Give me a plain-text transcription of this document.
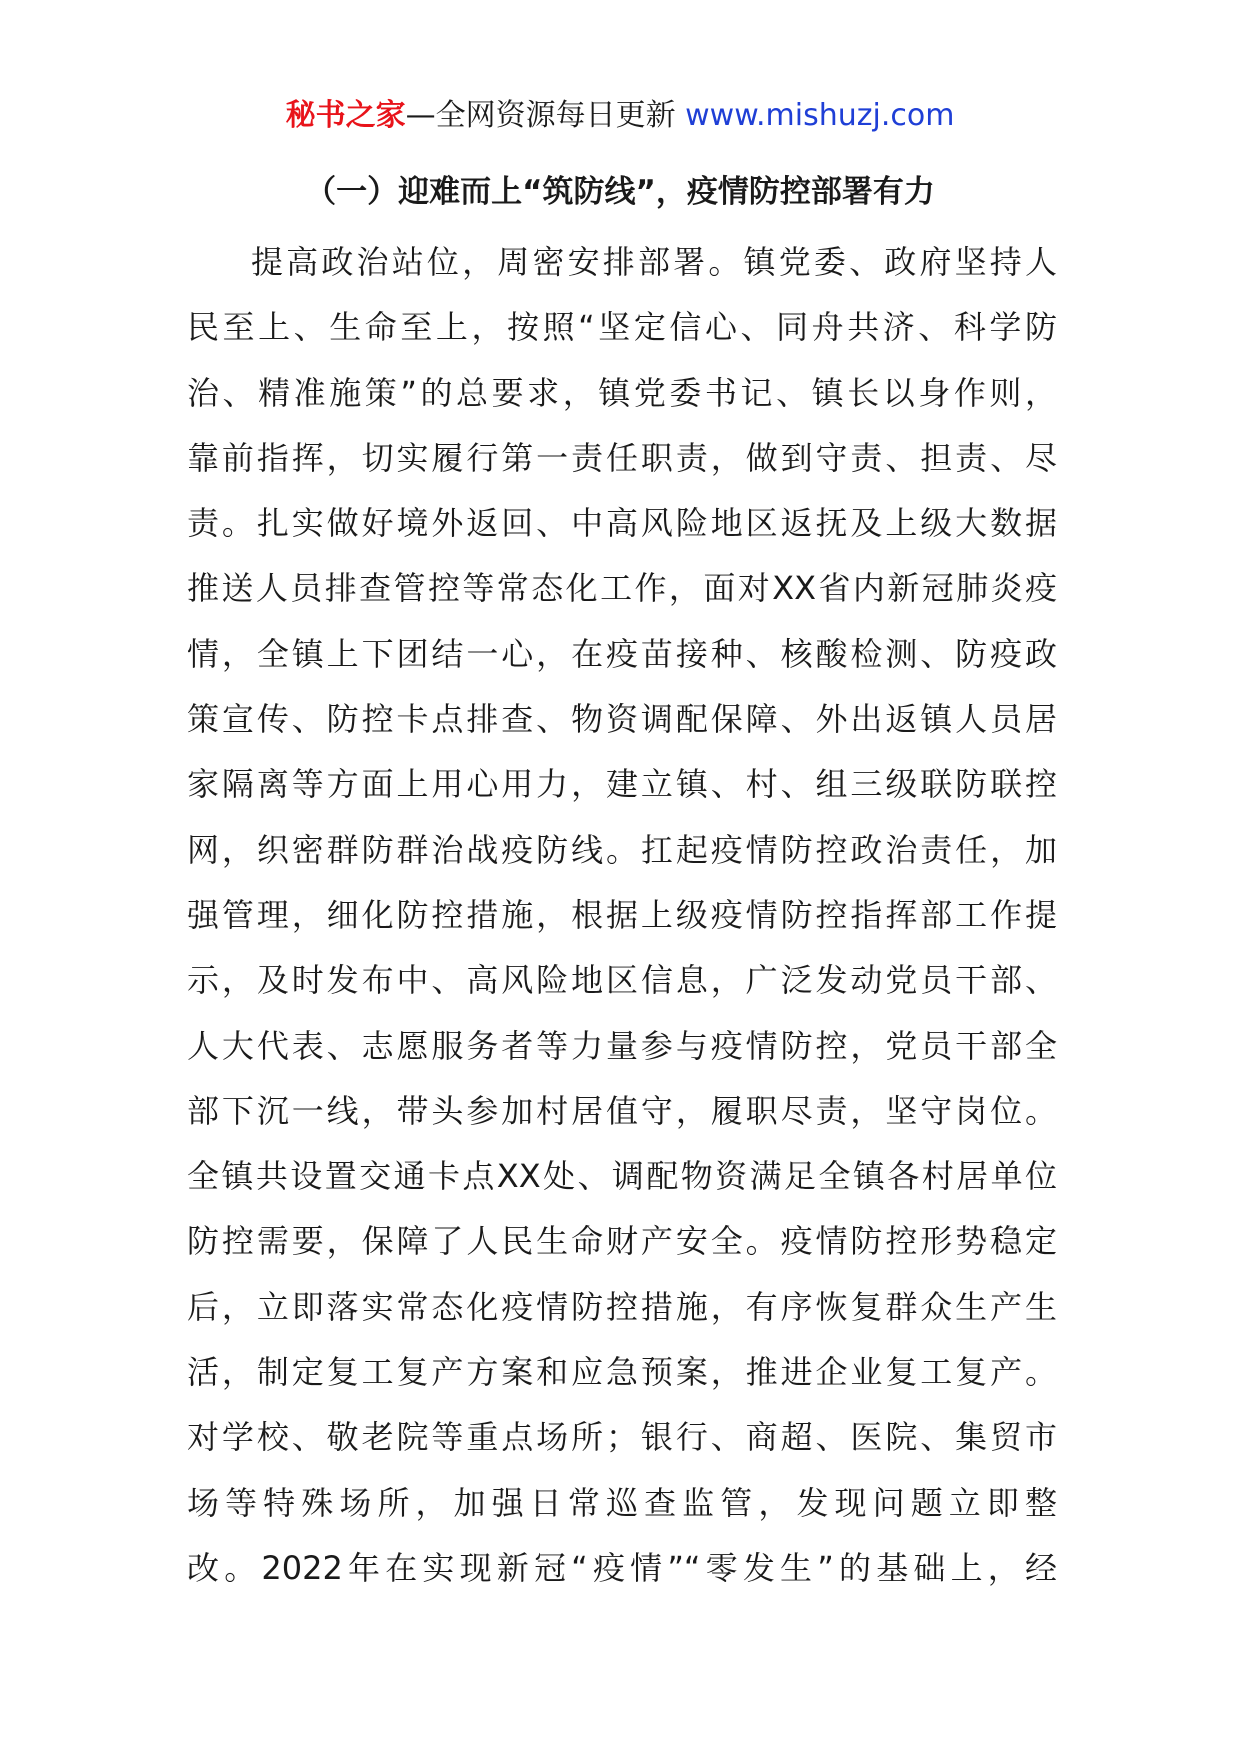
秘书之家—全网资源每日更新 www.mishuzj.com
（一）迎难而上“筑防线”，疫情防控部署有力
提高政治站位，周密安排部署。镇党委、政府坚持人
民至上、生命至上，按照“坚定信心、同舟共济、科学防
治、精准施策”的总要求，镇党委书记、镇长以身作则，
靠前指挥，切实履行第一责任职责，做到守责、担责、尽
责。扎实做好境外返回、中高风险地区返抚及上级大数据
推送人员排查管控等常态化工作，面对XX省内新冠肺炎疫
情，全镇上下团结一心，在疫苗接种、核酸检测、防疫政
策宣传、防控卡点排查、物资调配保障、外出返镇人员居
家隔离等方面上用心用力，建立镇、村、组三级联防联控
网，织密群防群治战疫防线。扛起疫情防控政治责任，加
强管理，细化防控措施，根据上级疫情防控指挥部工作提
示，及时发布中、高风险地区信息，广泛发动党员干部、
人大代表、志愿服务者等力量参与疫情防控，党员干部全
部下沉一线，带头参加村居值守，履职尽责，坚守岗位。
全镇共设置交通卡点XX处、调配物资满足全镇各村居单位
防控需要，保障了人民生命财产安全。疫情防控形势稳定
后，立即落实常态化疫情防控措施，有序恢复群众生产生
活，制定复工复产方案和应急预案，推进企业复工复产。
对学校、敬老院等重点场所；银行、商超、医院、集贸市
场等特殊场所，加强日常巡查监管，发现问题立即整
改。2022年在实现新冠“疫情”“零发生”的基础上，经
